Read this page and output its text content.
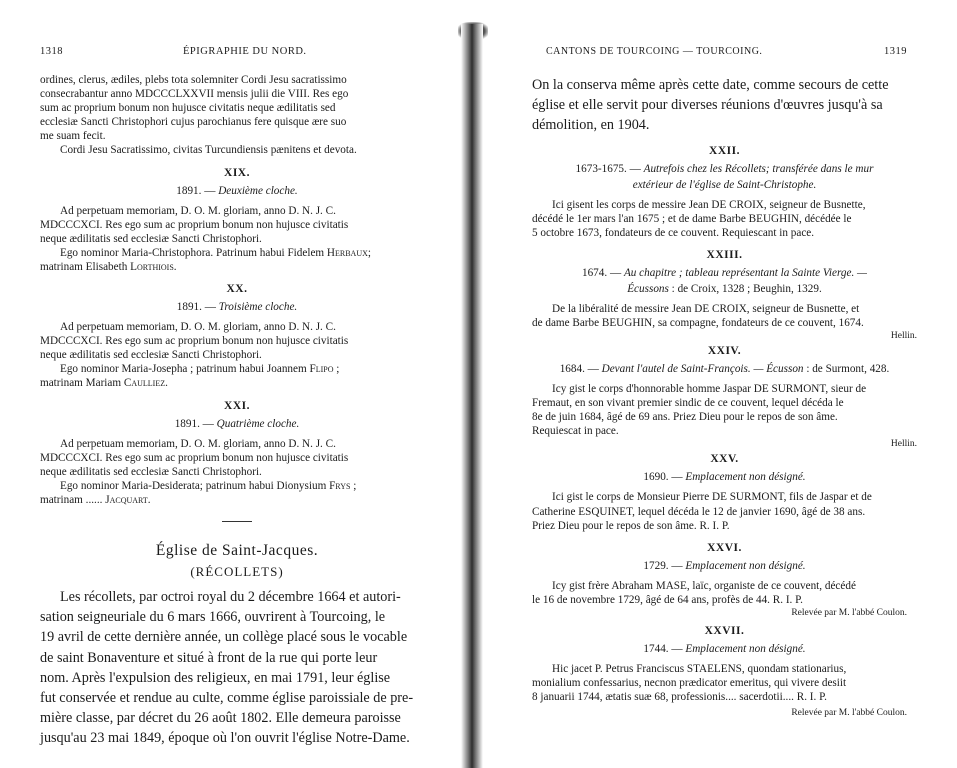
1318	ÉPIGRAPHIE DU NORD.

ordines, clerus, ædiles, plebs tota solemniter Cordi Jesu sacratissimo

consecrabantur anno MDCCCLXXVII mensis julii die VIII. Res ego

sum ac proprium bonum non hujusce civitatis neque ædilitatis sed

ecclesiæ Sancti Christophori cujus parochianus fere quisque ære suo

me suam fecit.

Cordi Jesu Sacratissimo, civitas Turcundiensis pænitens et devota.

XIX.
1891. — Deuxième cloche.

Ad perpetuam memoriam, D. O. M. gloriam, anno D. N. J. C.

MDCCCXCI. Res ego sum ac proprium bonum non hujusce civitatis

neque ædilitatis sed ecclesiæ Sancti Christophori.

Ego nominor Maria-Christophora. Patrinum habui Fidelem Herbaux;

matrinam Elisabeth Lorthiois.

XX.
1891. — Troisième cloche.

Ad perpetuam memoriam, D. O. M. gloriam, anno D. N. J. C.

MDCCCXCI. Res ego sum ac proprium bonum non hujusce civitatis

neque ædilitatis sed ecclesiæ Sancti Christophori.

Ego nominor Maria-Josepha ; patrinum habui Joannem Flipo ;

matrinam Mariam Caulliez.

XXI.
1891. — Quatrième cloche.

Ad perpetuam memoriam, D. O. M. gloriam, anno D. N. J. C.

MDCCCXCI. Res ego sum ac proprium bonum non hujusce civitatis

neque ædilitatis sed ecclesiæ Sancti Christophori.

Ego nominor Maria-Desiderata; patrinum habui Dionysium Frys ;

matrinam ...... Jacquart.

Église de Saint-Jacques.
(RÉCOLLETS)

Les récollets, par octroi royal du 2 décembre 1664 et autori-

sation seigneuriale du 6 mars 1666, ouvrirent à Tourcoing, le

19 avril de cette dernière année, un collège placé sous le vocable

de saint Bonaventure et situé à front de la rue qui porte leur

nom. Après l'expulsion des religieux, en mai 1791, leur église

fut conservée et rendue au culte, comme église paroissiale de pre-

mière classe, par décret du 26 août 1802. Elle demeura paroisse

jusqu'au 23 mai 1849, époque où l'on ouvrit l'église Notre-Dame.

CANTONS DE TOURCOING — TOURCOING.	1319

On la conserva même après cette date, comme secours de cette

église et elle servit pour diverses réunions d'œuvres jusqu'à sa

démolition, en 1904.

XXII.
1673-1675. — Autrefois chez les Récollets; transférée dans le mur
extérieur de l'église de Saint-Christophe.

Ici gisent les corps de messire Jean DE CROIX, seigneur de Busnette,

décédé le 1er mars l'an 1675 ; et de dame Barbe BEUGHIN, décédée le

5 octobre 1673, fondateurs de ce couvent. Requiescant in pace.

XXIII.
1674. — Au chapitre ; tableau représentant la Sainte Vierge. —
Écussons : de Croix, 1328 ; Beughin, 1329.

De la libéralité de messire Jean DE CROIX, seigneur de Busnette, et

de dame Barbe BEUGHIN, sa compagne, fondateurs de ce couvent, 1674.

Hellin.
XXIV.
1684. — Devant l'autel de Saint-François. — Écusson : de Surmont, 428.

Icy gist le corps d'honnorable homme Jaspar DE SURMONT, sieur de

Fremaut, en son vivant premier sindic de ce couvent, lequel décéda le

8e de juin 1684, âgé de 69 ans. Priez Dieu pour le repos de son âme.

Requiescat in pace.

Hellin.
XXV.
1690. — Emplacement non désigné.

Ici gist le corps de Monsieur Pierre DE SURMONT, fils de Jaspar et de

Catherine ESQUINET, lequel décéda le 12 de janvier 1690, âgé de 38 ans.

Priez Dieu pour le repos de son âme. R. I. P.

XXVI.
1729. — Emplacement non désigné.

Icy gist frère Abraham MASE, laïc, organiste de ce couvent, décédé

le 16 de novembre 1729, âgé de 64 ans, profès de 44. R. I. P.

Relevée par M. l'abbé Coulon.
XXVII.
1744. — Emplacement non désigné.

Hic jacet P. Petrus Franciscus STAELENS, quondam stationarius,

monialium confessarius, necnon prædicator emeritus, qui vivere desiit

8 januarii 1744, ætatis suæ 68, professionis.... sacerdotii.... R. I. P.

Relevée par M. l'abbé Coulon.
